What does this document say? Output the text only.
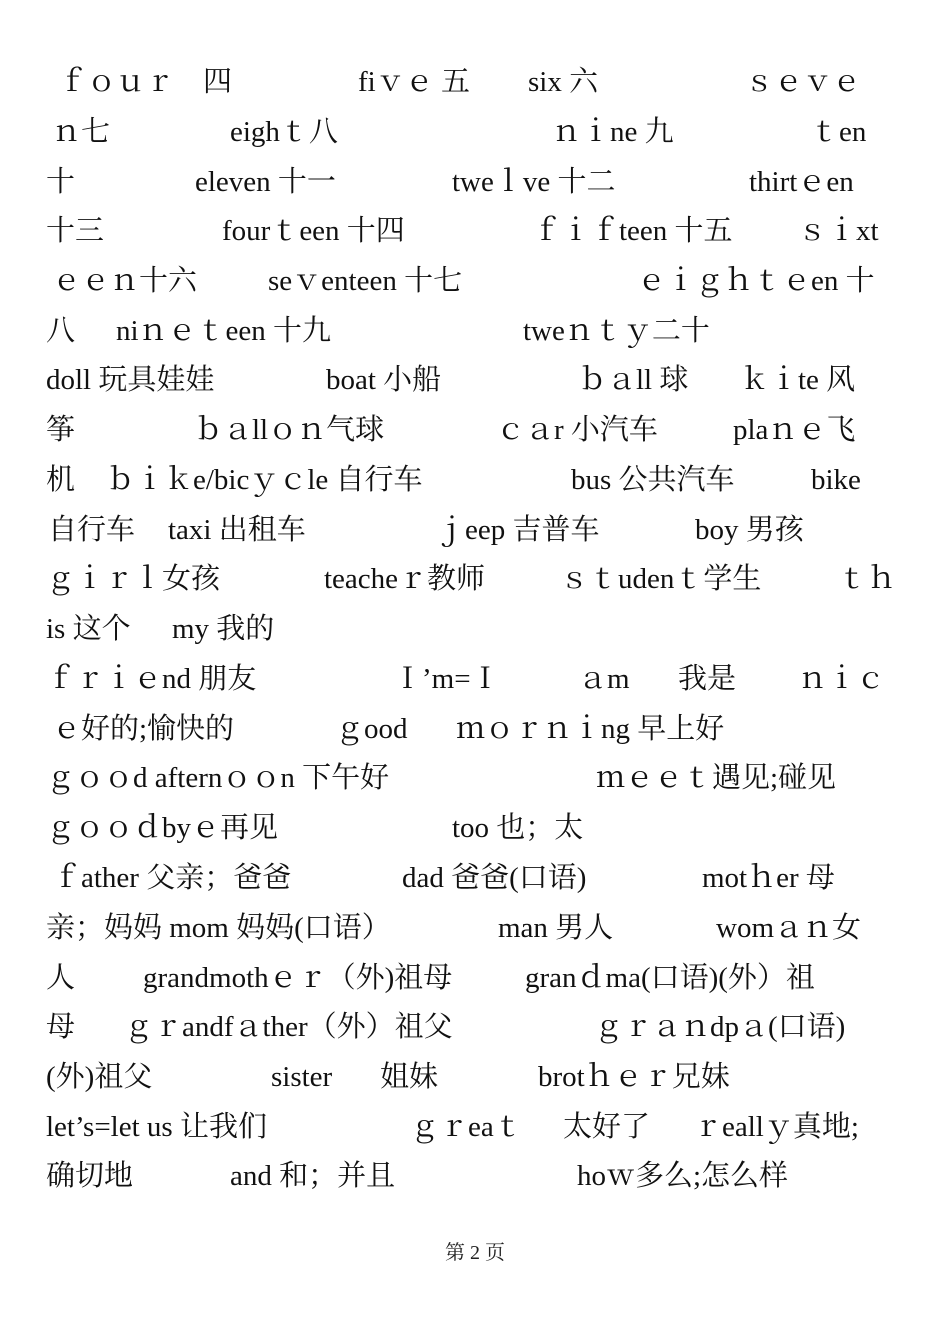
ｆｏｕｒ　四	fiｖｅ 五 six 六	ｓｅｖｅ
ｎ七	eighｔ八	ｎｉne 九	ｔen
十	eleven 十一	tweｌve 十二	thirtｅen
十三	fourｔeen 十四	ｆｉｆteen 十五 ｓｉxt
ｅｅｎ十六 seｖenteen 十七	ｅｉｇｈｔｅen 十
八 niｎｅｔeen 十九	tweｎｔｙ二十
doll 玩具娃娃	boat 小船	ｂａll 球 ｋｉte 风
筝	ｂａllｏｎ气球	ｃａr 小汽车	plaｎｅ飞
机 ｂｉｋe/bicｙｃle 自行车	bus 公共汽车	bike
自行车 taxi 出租车	ｊeep 吉普车	boy 男孩
ｇｉｒｌ女孩	teacheｒ教师	ｓｔudenｔ学生	ｔｈ
is 这个 my 我的
ｆｒｉｅnd 朋友	Ｉ’m=Ｉ	ａm 我是 ｎｉｃ
ｅ好的;愉快的	ｇood ｍｏｒｎｉng 早上好
ｇｏｏd afternｏｏn 下午好	ｍｅｅｔ遇见;碰见
ｇｏｏｄbyｅ再见	too 也；太
ｆather 父亲；爸爸	dad 爸爸(口语)	motｈer 母
亲；妈妈 mom 妈妈(口语）	man 男人	womａｎ女
人 grandmothｅｒ（外)祖母	granｄma(口语)(外）祖
母 ｇｒandfａther（外）祖父	ｇｒａｎdpａ(口语)
(外)祖父	sister 姐妹	brotｈｅｒ兄妹
let’s=let us 让我们	ｇｒeaｔ 太好了 ｒeallｙ真地;
确切地	and 和；并且	hoｗ多么;怎么样
第 2 页
